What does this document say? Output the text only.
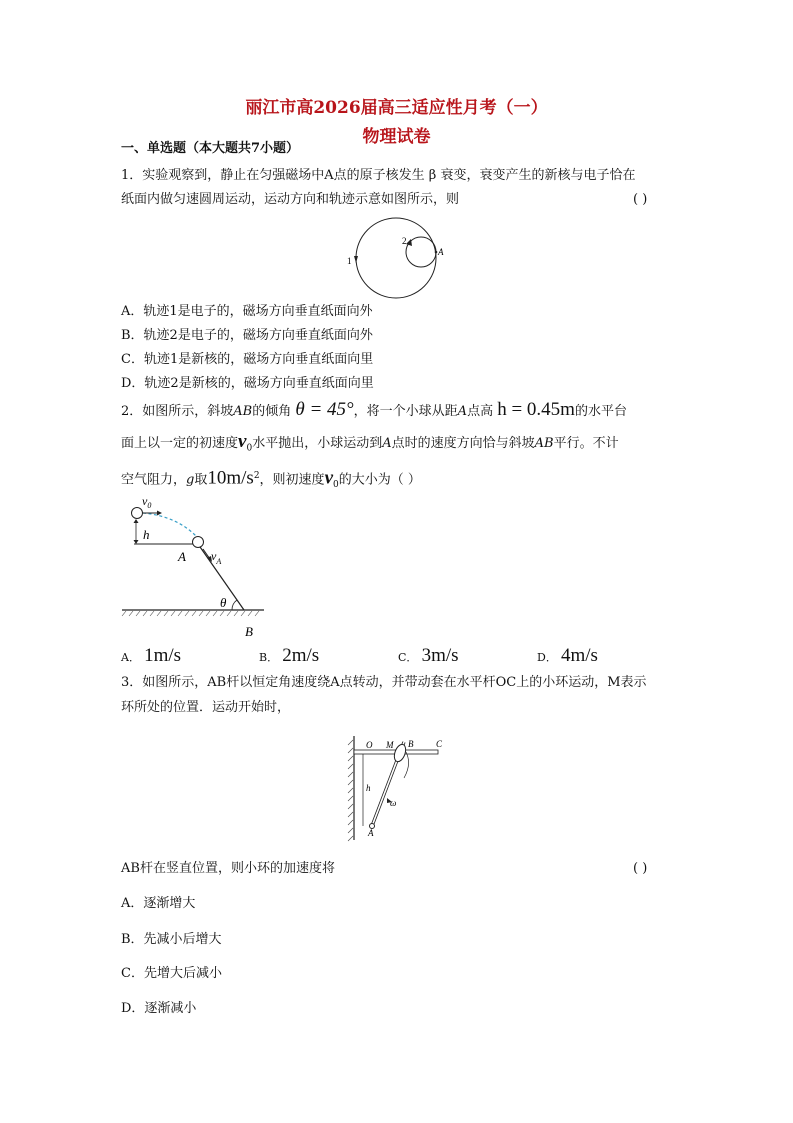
丽江市高2026届高三适应性月考（一）
物理试卷
一、单选题（本大题共7小题）
1．实验观察到，静止在匀强磁场中A点的原子核发生 β 衰变，衰变产生的新核与电子恰在
纸面内做匀速圆周运动，运动方向和轨迹示意如图所示，则	( )
1
2
A
A．轨迹1是电子的，磁场方向垂直纸面向外
B．轨迹2是电子的，磁场方向垂直纸面向外
C．轨迹1是新核的，磁场方向垂直纸面向里
D．轨迹2是新核的，磁场方向垂直纸面向里
2．如图所示，斜坡AB的倾角 θ = 45°，将一个小球从距A点高 h = 0.45m的水平台
面上以一定的初速度$v_0$水平抛出，小球运动到A点时的速度方向恰与斜坡AB平行。不计
空气阻力，g取$10m/s^2$，则初速度$v_0$的大小为（ ）
$v_0$
h
A $v_A$
θ
B
A． 1m/s	B． 2m/s	C． 3m/s	D． 4m/s
3．如图所示，AB杆以恒定角速度绕A点转动，并带动套在水平杆OC上的小环运动，M表示
环所处的位置．运动开始时，
O M B	C
h
ω
A
AB杆在竖直位置，则小环的加速度将	( )
A．逐渐增大
B．先减小后增大
C．先增大后减小
D．逐渐减小
